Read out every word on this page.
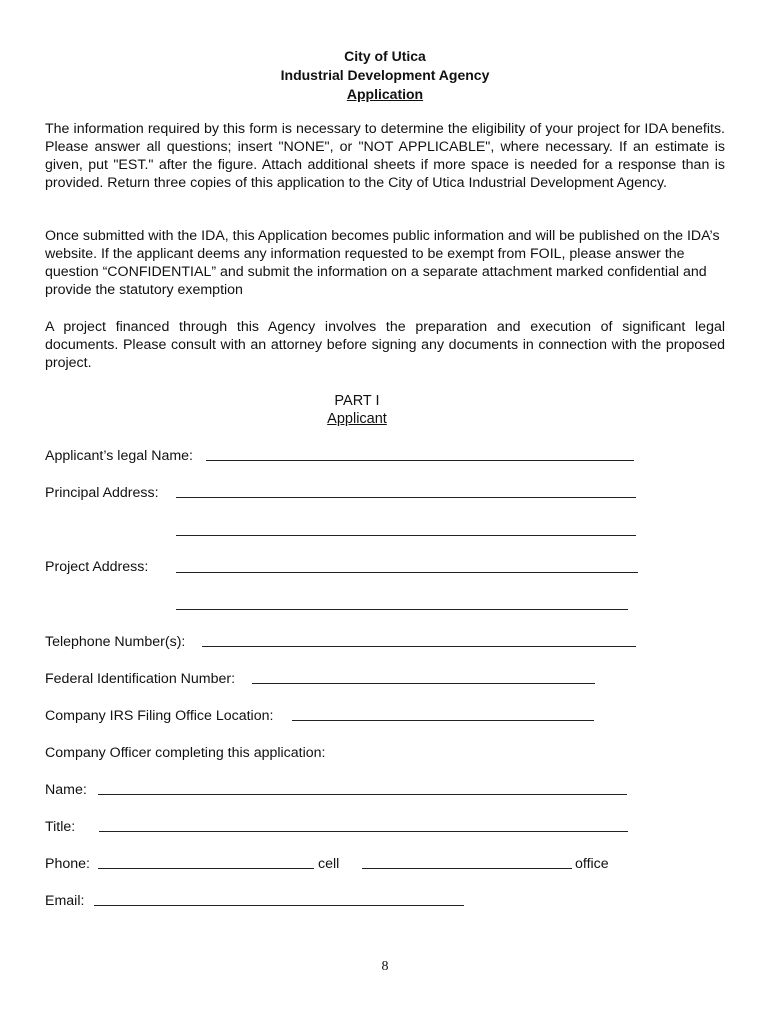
City of Utica
Industrial Development Agency
Application

The information required by this form is necessary to determine the eligibility of your project for IDA benefits. Please answer all questions; insert "NONE", or "NOT APPLICABLE", where necessary. If an estimate is given, put "EST." after the figure. Attach additional sheets if more space is needed for a response than is provided. Return three copies of this application to the City of Utica Industrial Development Agency.

Once submitted with the IDA, this Application becomes public information and will be published on the IDA’s website. If the applicant deems any information requested to be exempt from FOIL, please answer the question “CONFIDENTIAL” and submit the information on a separate attachment marked confidential and provide the statutory exemption

A project financed through this Agency involves the preparation and execution of significant legal documents. Please consult with an attorney before signing any documents in connection with the proposed project.

PART I
Applicant
Applicant’s legal Name:
Principal Address:
Project Address:
Telephone Number(s):
Federal Identification Number:
Company IRS Filing Office Location:
Company Officer completing this application:
Name:
Title:
Phone:	cell	office
Email:
8
